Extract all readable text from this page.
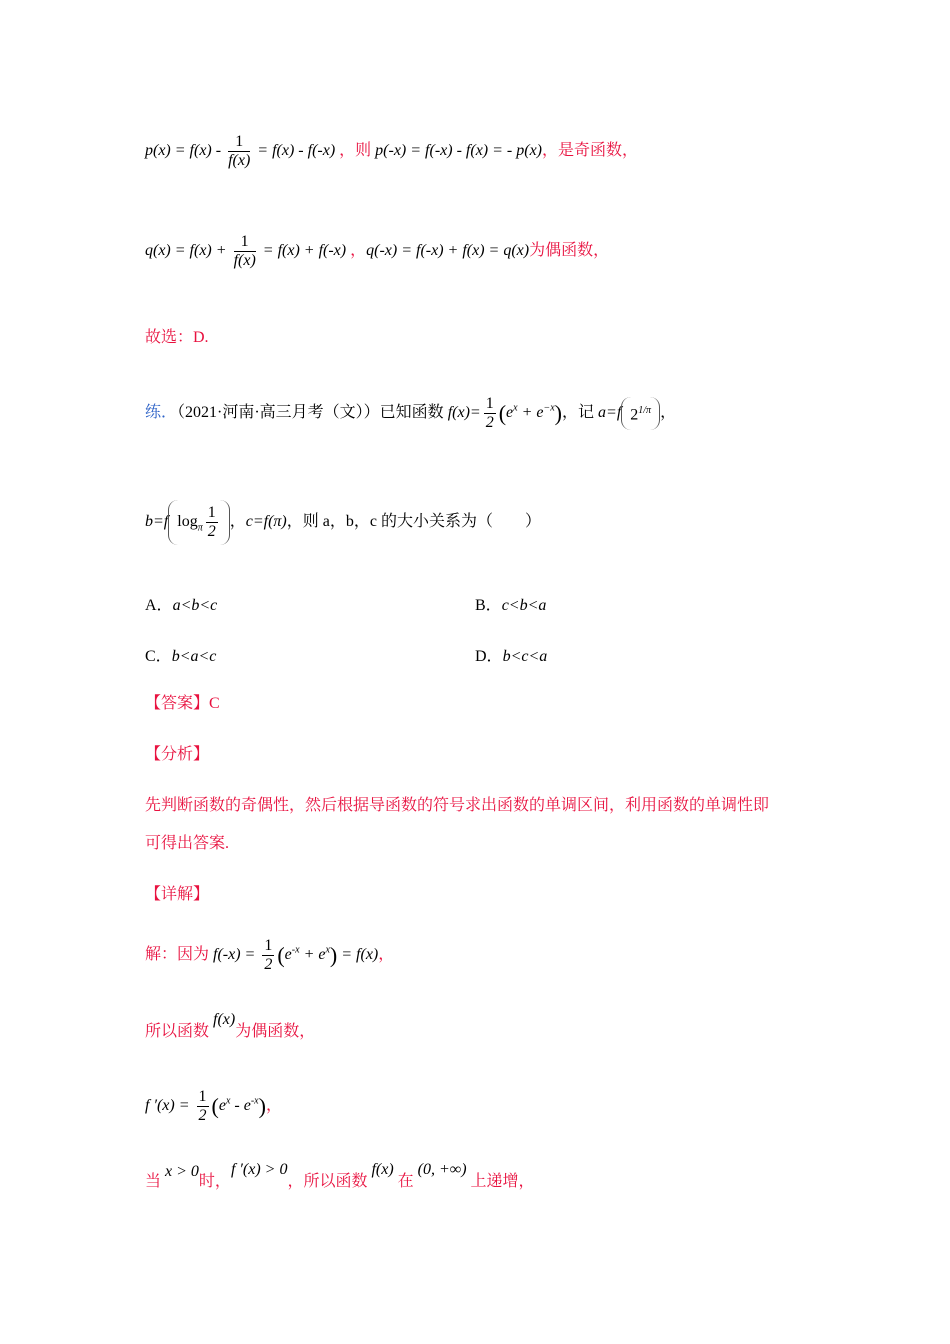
$p(x) = f(x) - \frac{1}{f(x)} = f(x) - f(-x)$ ，则 p(-x) = f(-x) - f(x) = - p(x)，是奇函数，
$q(x) = f(x) + \frac{1}{f(x)} = f(x) + f(-x)$ ，q(-x) = f(-x) + f(x) = q(x)为偶函数，
故选：D.
练．（2021·河南·高三月考（文））已知函数 $f(x)= \frac{1}{2} (e^x + e^{-x})$，记 a=f $2^{1/\pi}$ ，
b=f $\log_\pi \frac{1}{2}$ ，c=f(π)，则 a，b，c 的大小关系为（　　）
A．a<b<c	B．c<b<a
C．b<a<c	D．b<c<a
【答案】C
【分析】
先判断函数的奇偶性，然后根据导函数的符号求出函数的单调区间，利用函数的单调性即
可得出答案.
【详解】
解：因为 $f(-x) = \frac{1}{2} (e^{-x} + e^x) = f(x)$，
所以函数 f(x)为偶函数，
f $'(x) = \frac{1}{2} (e^x - e^{-x})$，
当 x > 0时，f ′(x) > 0，所以函数 f(x) 在 (0, +∞) 上递增，
